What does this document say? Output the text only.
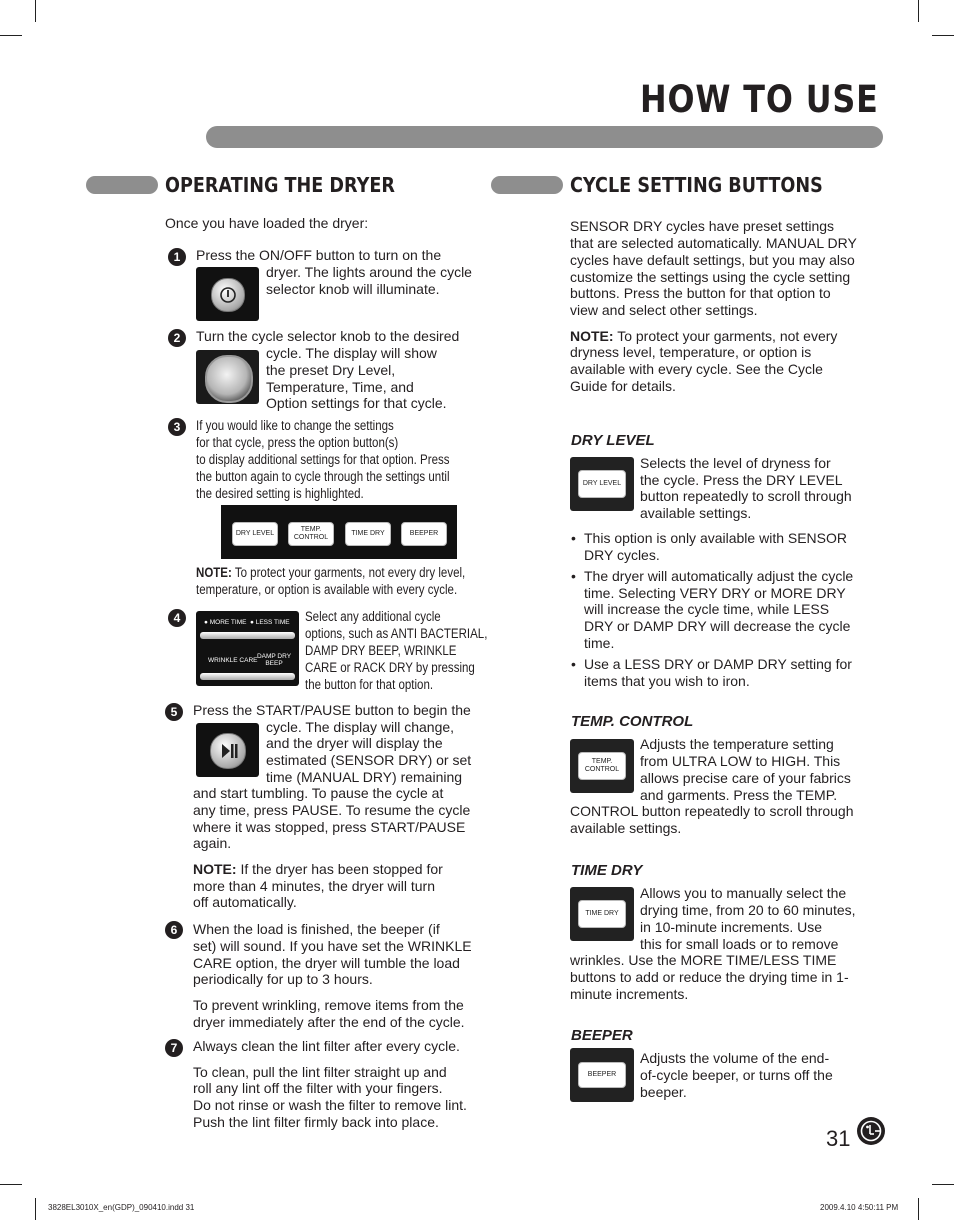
HOW TO USE
OPERATING THE DRYER
Once you have loaded the dryer:
1	Press the ON/OFF button to turn on the
dryer. The lights around the cycle
selector knob will illuminate.
2	Turn the cycle selector knob to the desired
cycle. The display will show
the preset Dry Level,
Temperature, Time, and
Option settings for that cycle.
3	If you would like to change the settings
for that cycle, press the option button(s)
to display additional settings for that option. Press
the button again to cycle through the settings until
the desired setting is highlighted.
DRY LEVEL
TEMP. CONTROL
TIME DRY	BEEPER
NOTE: To protect your garments, not every dry level,
temperature, or option is available with every cycle.
4	● MORE TIME ● LESS TIME
WRINKLE CARE
DAMP DRY BEEP
Select any additional cycle
options, such as ANTI BACTERIAL,
DAMP DRY BEEP, WRINKLE
CARE or RACK DRY by pressing
the button for that option.
5	Press the START/PAUSE button to begin the
cycle. The display will change,
and the dryer will display the
estimated (SENSOR DRY) or set
time (MANUAL DRY) remaining
and start tumbling. To pause the cycle at
any time, press PAUSE. To resume the cycle
where it was stopped, press START/PAUSE
again.
NOTE: If the dryer has been stopped for
more than 4 minutes, the dryer will turn
off automatically.
6	When the load is finished, the beeper (if
set) will sound. If you have set the WRINKLE
CARE option, the dryer will tumble the load
periodically for up to 3 hours.
To prevent wrinkling, remove items from the
dryer immediately after the end of the cycle.
7	Always clean the lint filter after every cycle.
To clean, pull the lint filter straight up and
roll any lint off the filter with your fingers.
Do not rinse or wash the filter to remove lint.
Push the lint filter firmly back into place.
CYCLE SETTING BUTTONS
SENSOR DRY cycles have preset settings
that are selected automatically. MANUAL DRY
cycles have default settings, but you may also
customize the settings using the cycle setting
buttons. Press the button for that option to
view and select other settings.
NOTE: To protect your garments, not every
dryness level, temperature, or option is
available with every cycle. See the Cycle
Guide for details.
DRY LEVEL
DRY LEVEL
Selects the level of dryness for
the cycle. Press the DRY LEVEL
button repeatedly to scroll through
available settings.
• This option is only available with SENSOR
DRY cycles.
• The dryer will automatically adjust the cycle
time. Selecting VERY DRY or MORE DRY
will increase the cycle time, while LESS
DRY or DAMP DRY will decrease the cycle
time.
• Use a LESS DRY or DAMP DRY setting for
items that you wish to iron.
TEMP. CONTROL
TEMP. CONTROL
Adjusts the temperature setting
from ULTRA LOW to HIGH. This
allows precise care of your fabrics
and garments. Press the TEMP.
CONTROL button repeatedly to scroll through
available settings.
TIME DRY
TIME DRY
Allows you to manually select the
drying time, from 20 to 60 minutes,
in 10-minute increments. Use
this for small loads or to remove
wrinkles. Use the MORE TIME/LESS TIME
buttons to add or reduce the drying time in 1-
minute increments.
BEEPER
BEEPER
Adjusts the volume of the end-
of-cycle beeper, or turns off the
beeper.
31
3828EL3010X_en(GDP)_090410.indd 31	2009.4.10 4:50:11 PM
